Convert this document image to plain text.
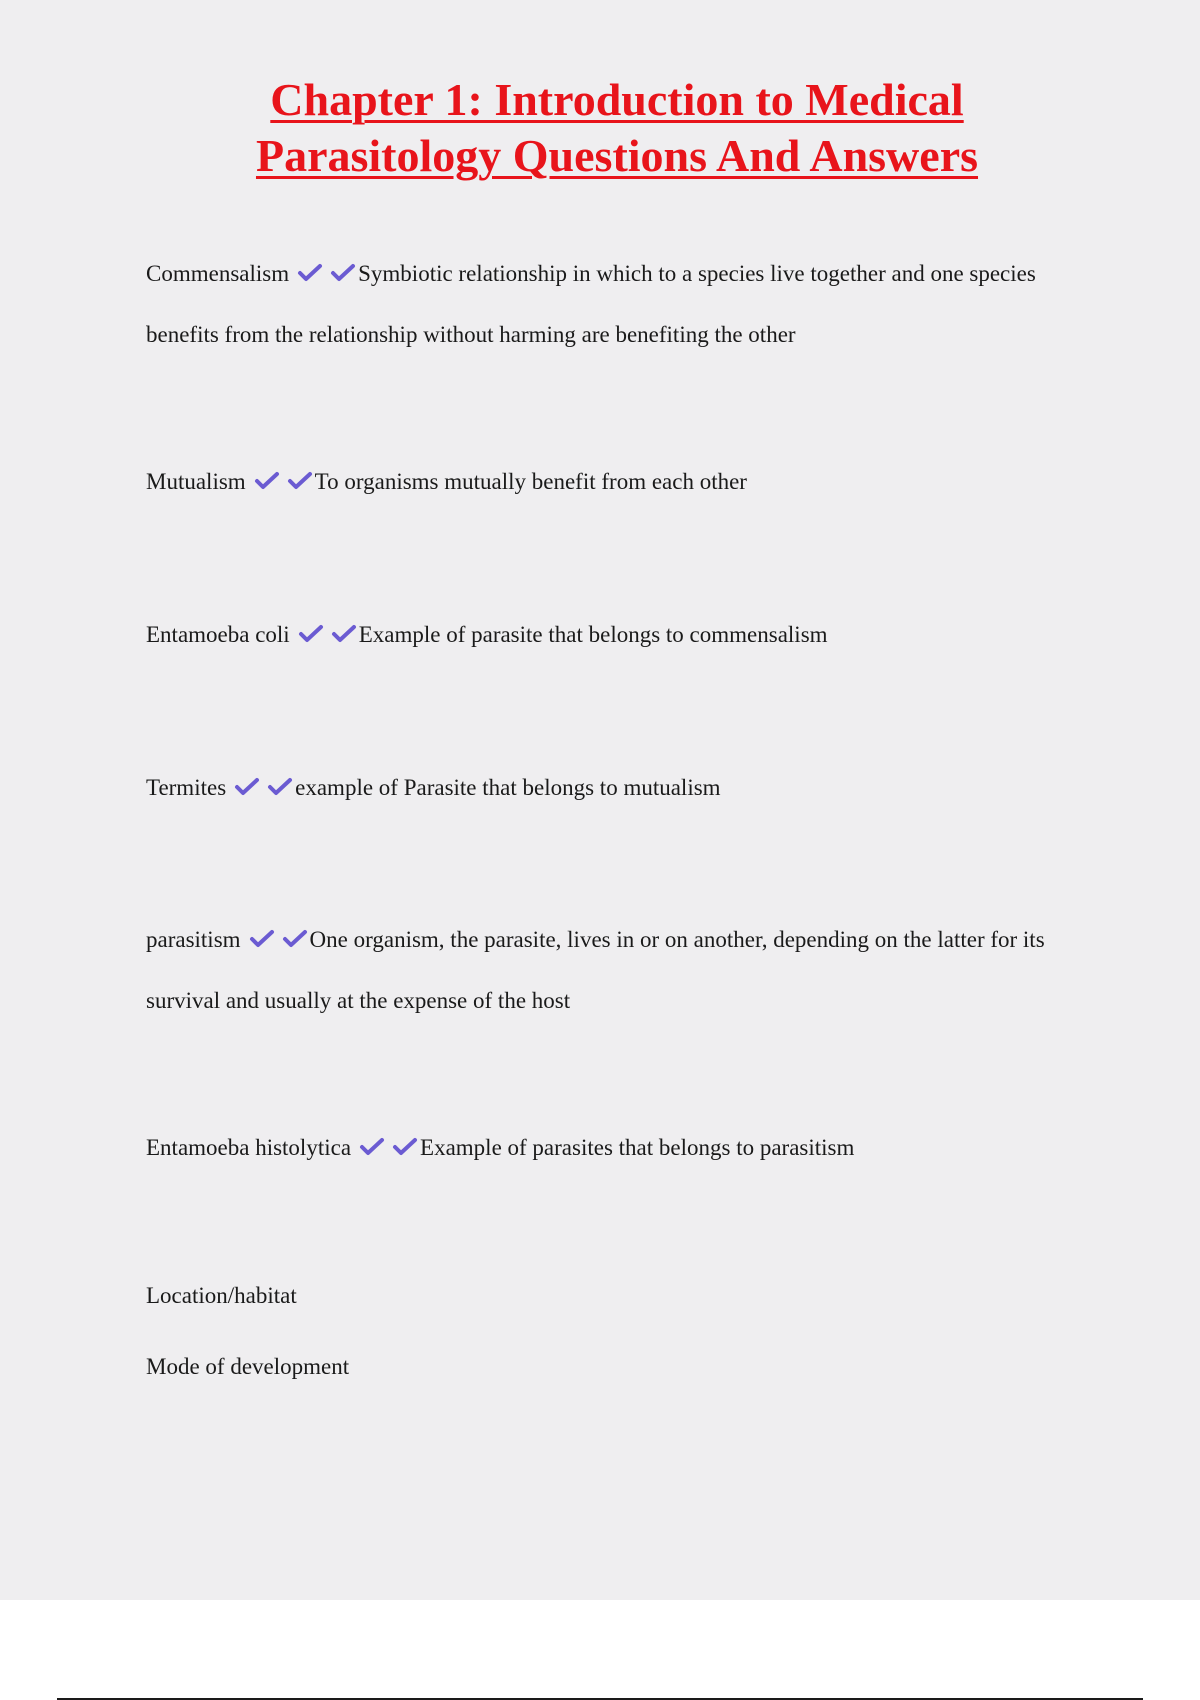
Chapter 1: Introduction to Medical
Parasitology Questions And Answers

Commensalism	Symbiotic relationship in which to a species live together and one species benefits from the relationship without harming are benefiting the other

Mutualism	To organisms mutually benefit from each other

Entamoeba coli	Example of parasite that belongs to commensalism

Termites	example of Parasite that belongs to mutualism

parasitism	One organism, the parasite, lives in or on another, depending on the latter for its survival and usually at the expense of the host

Entamoeba histolytica	Example of parasites that belongs to parasitism

Location/habitat

Mode of development
